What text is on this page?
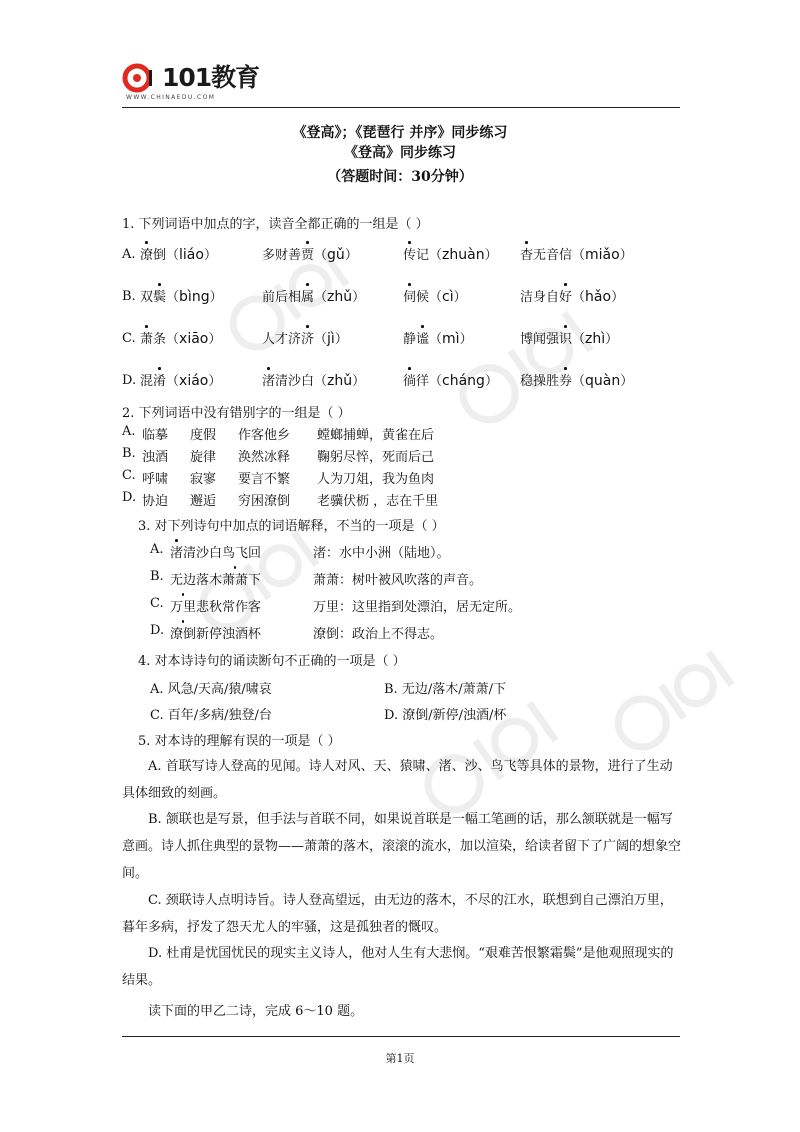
101教育
WWW.CHINAEDU.COM
《登高》；《琵琶行 并序》同步练习
《登高》同步练习
（答题时间：30分钟）
1. 下列词语中加点的字，读音全都正确的一组是（ ）
A. 潦倒（liáo）	多财善贾（gǔ）	传记（zhuàn） 杳无音信（miǎo）
B. 双鬓（bìng）	前后相属（zhǔ）	伺候（cì）	洁身自好（hǎo）
C. 萧条（xiāo）	人才济济（jì）	静谧（mì）	博闻强识（zhì）
D. 混淆（xiáo）	渚清沙白（zhǔ）	徜徉（cháng） 稳操胜券（quàn）
2. 下列词语中没有错别字的一组是（ ）
A. 临摹 度假 作客他乡 螳螂捕蝉，黄雀在后
B. 浊酒 旋律 涣然冰释 鞠躬尽悴，死而后己
C. 呼啸 寂寥 要言不繁 人为刀俎，我为鱼肉
D. 协迫 邂逅 穷困潦倒 老骥伏枥 ，志在千里
3. 对下列诗句中加点的词语解释，不当的一项是（ ）
A. 渚清沙白鸟飞回	渚：水中小洲（陆地）。
B. 无边落木萧萧下	萧萧：树叶被风吹落的声音。
C. 万里悲秋常作客	万里：这里指到处漂泊，居无定所。
D. 潦倒新停浊酒杯	潦倒：政治上不得志。
4. 对本诗诗句的诵读断句不正确的一项是（ ）
A. 风急/天高/猿/啸哀	B. 无边/落木/萧萧/下
C. 百年/多病/独登/台	D. 潦倒/新停/浊酒/杯
5. 对本诗的理解有误的一项是（ ）
A. 首联写诗人登高的见闻。诗人对风、天、猿啸、渚、沙、鸟飞等具体的景物，进行了生动具体细致的刻画。
B. 颔联也是写景，但手法与首联不同，如果说首联是一幅工笔画的话，那么颔联就是一幅写意画。诗人抓住典型的景物——萧萧的落木，滚滚的流水，加以渲染，给读者留下了广阔的想象空间。
C. 颈联诗人点明诗旨。诗人登高望远，由无边的落木，不尽的江水，联想到自己漂泊万里，暮年多病，抒发了怨天尤人的牢骚，这是孤独者的慨叹。
D. 杜甫是忧国忧民的现实主义诗人，他对人生有大悲悯。“艰难苦恨繁霜鬓”是他观照现实的结果。
读下面的甲乙二诗，完成 6～10 题。
第1页
